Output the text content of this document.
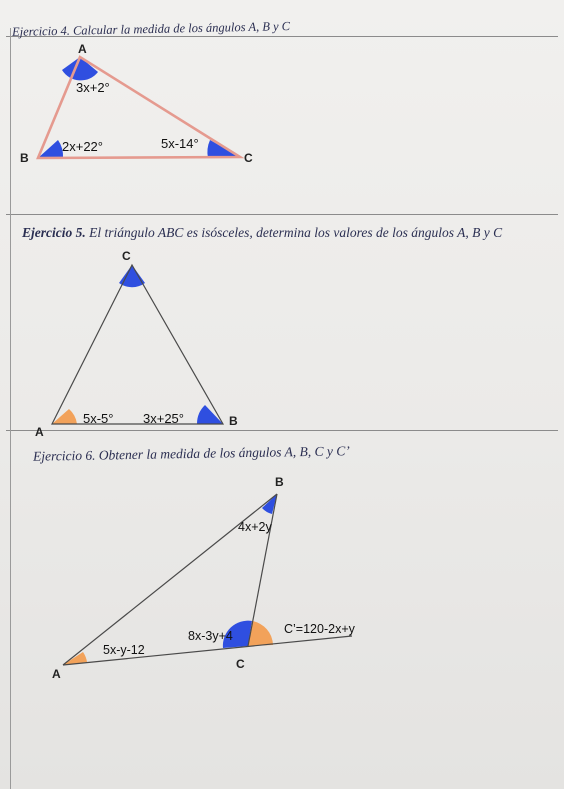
Ejercicio 4. Calcular la medida de los ángulos A, B y C
Ejercicio 5. El triángulo ABC es isósceles, determina los valores de los ángulos A, B y C
Ejercicio 6. Obtener la medida de los ángulos A, B, C y C’
A
B	C
3x+2°
2x+22°	5x-14°
C
A
B
5x-5° 3x+25°
B
A
C
4x+2y
5x-y-12
8x-3y+4	C’=120-2x+y
